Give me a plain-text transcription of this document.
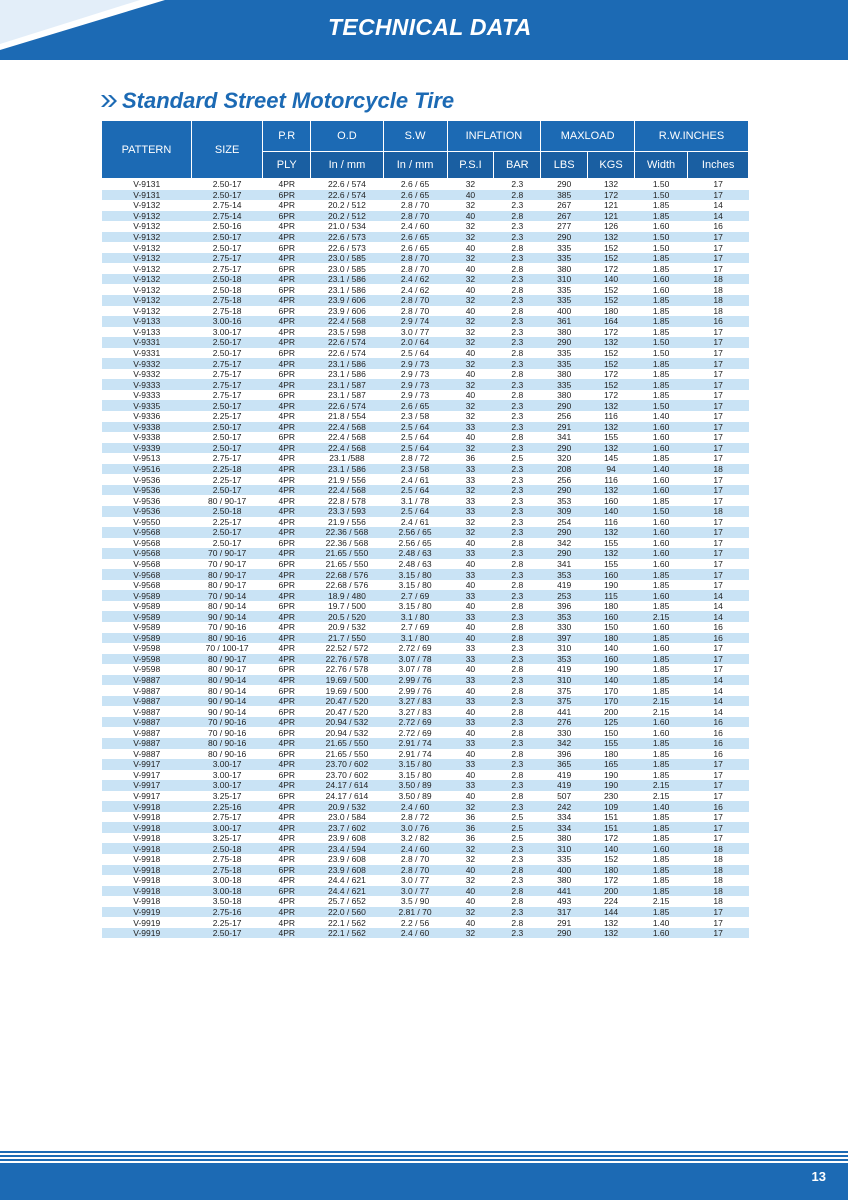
TECHNICAL DATA
Standard Street Motorcycle Tire
PATTERN	SIZE	P.R	O.D	S.W	INFLATION		MAXLOAD		R.W.INCHES	
		PLY	In / mm	In / mm	P.S.I	BAR	LBS	KGS	Width	Inches
V-9131	2.50-17	4PR	22.6 / 574	2.6 / 65	32	2.3	290	132	1.50	17
V-9131	2.50-17	6PR	22.6 / 574	2.6 / 65	40	2.8	385	172	1.50	17
V-9132	2.75-14	4PR	20.2 / 512	2.8 / 70	32	2.3	267	121	1.85	14
V-9132	2.75-14	6PR	20.2 / 512	2.8 / 70	40	2.8	267	121	1.85	14
V-9132	2.50-16	4PR	21.0 / 534	2.4 / 60	32	2.3	277	126	1.60	16
V-9132	2.50-17	4PR	22.6 / 573	2.6 / 65	32	2.3	290	132	1.50	17
V-9132	2.50-17	6PR	22.6 / 573	2.6 / 65	40	2.8	335	152	1.50	17
V-9132	2.75-17	4PR	23.0 / 585	2.8 / 70	32	2.3	335	152	1.85	17
V-9132	2.75-17	6PR	23.0 / 585	2.8 / 70	40	2.8	380	172	1.85	17
V-9132	2.50-18	4PR	23.1 / 586	2.4 / 62	32	2.3	310	140	1.60	18
V-9132	2.50-18	6PR	23.1 / 586	2.4 / 62	40	2.8	335	152	1.60	18
V-9132	2.75-18	4PR	23.9 / 606	2.8 / 70	32	2.3	335	152	1.85	18
V-9132	2.75-18	6PR	23.9 / 606	2.8 / 70	40	2.8	400	180	1.85	18
V-9133	3.00-16	4PR	22.4 / 568	2.9 / 74	32	2.3	361	164	1.85	16
V-9133	3.00-17	4PR	23.5 / 598	3.0 / 77	32	2.3	380	172	1.85	17
V-9331	2.50-17	4PR	22.6 / 574	2.0 / 64	32	2.3	290	132	1.50	17
V-9331	2.50-17	6PR	22.6 / 574	2.5 / 64	40	2.8	335	152	1.50	17
V-9332	2.75-17	4PR	23.1 / 586	2.9 / 73	32	2.3	335	152	1.85	17
V-9332	2.75-17	6PR	23.1 / 586	2.9 / 73	40	2.8	380	172	1.85	17
V-9333	2.75-17	4PR	23.1 / 587	2.9 / 73	32	2.3	335	152	1.85	17
V-9333	2.75-17	6PR	23.1 / 587	2.9 / 73	40	2.8	380	172	1.85	17
V-9335	2.50-17	4PR	22.6 / 574	2.6 / 65	32	2.3	290	132	1.50	17
V-9336	2.25-17	4PR	21.8 / 554	2.3 / 58	32	2.3	256	116	1.40	17
V-9338	2.50-17	4PR	22.4 / 568	2.5 / 64	33	2.3	291	132	1.60	17
V-9338	2.50-17	6PR	22.4 / 568	2.5 / 64	40	2.8	341	155	1.60	17
V-9339	2.50-17	4PR	22.4 / 568	2.5 / 64	32	2.3	290	132	1.60	17
V-9513	2.75-17	4PR	23.1 /588	2.8 / 72	36	2.5	320	145	1.85	17
V-9516	2.25-18	4PR	23.1 / 586	2.3 / 58	33	2.3	208	94	1.40	18
V-9536	2.25-17	4PR	21.9 / 556	2.4 / 61	33	2.3	256	116	1.60	17
V-9536	2.50-17	4PR	22.4 / 568	2.5 / 64	32	2.3	290	132	1.60	17
V-9536	80 / 90-17	4PR	22.8 / 578	3.1 / 78	33	2.3	353	160	1.85	17
V-9536	2.50-18	4PR	23.3 / 593	2.5 / 64	33	2.3	309	140	1.50	18
V-9550	2.25-17	4PR	21.9 / 556	2.4 / 61	32	2.3	254	116	1.60	17
V-9568	2.50-17	4PR	22.36 / 568	2.56 / 65	32	2.3	290	132	1.60	17
V-9568	2.50-17	6PR	22.36 / 568	2.56 / 65	40	2.8	342	155	1.60	17
V-9568	70 / 90-17	4PR	21.65 / 550	2.48 / 63	33	2.3	290	132	1.60	17
V-9568	70 / 90-17	6PR	21.65 / 550	2.48 / 63	40	2.8	341	155	1.60	17
V-9568	80 / 90-17	4PR	22.68 / 576	3.15 / 80	33	2.3	353	160	1.85	17
V-9568	80 / 90-17	6PR	22.68 / 576	3.15 / 80	40	2.8	419	190	1.85	17
V-9589	70 / 90-14	4PR	18.9 / 480	2.7 / 69	33	2.3	253	115	1.60	14
V-9589	80 / 90-14	6PR	19.7 / 500	3.15 / 80	40	2.8	396	180	1.85	14
V-9589	90 / 90-14	4PR	20.5 / 520	3.1 / 80	33	2.3	353	160	2.15	14
V-9589	70 / 90-16	4PR	20.9 / 532	2.7 / 69	40	2.8	330	150	1.60	16
V-9589	80 / 90-16	4PR	21.7 / 550	3.1 / 80	40	2.8	397	180	1.85	16
V-9598	70 / 100-17	4PR	22.52 / 572	2.72 / 69	33	2.3	310	140	1.60	17
V-9598	80 / 90-17	4PR	22.76 / 578	3.07 / 78	33	2.3	353	160	1.85	17
V-9598	80 / 90-17	6PR	22.76 / 578	3.07 / 78	40	2.8	419	190	1.85	17
V-9887	80 / 90-14	4PR	19.69 / 500	2.99 / 76	33	2.3	310	140	1.85	14
V-9887	80 / 90-14	6PR	19.69 / 500	2.99 / 76	40	2.8	375	170	1.85	14
V-9887	90 / 90-14	4PR	20.47 / 520	3.27 / 83	33	2.3	375	170	2.15	14
V-9887	90 / 90-14	6PR	20.47 / 520	3.27 / 83	40	2.8	441	200	2.15	14
V-9887	70 / 90-16	4PR	20.94 / 532	2.72 / 69	33	2.3	276	125	1.60	16
V-9887	70 / 90-16	6PR	20.94 / 532	2.72 / 69	40	2.8	330	150	1.60	16
V-9887	80 / 90-16	4PR	21.65 / 550	2.91 / 74	33	2.3	342	155	1.85	16
V-9887	80 / 90-16	6PR	21.65 / 550	2.91 / 74	40	2.8	396	180	1.85	16
V-9917	3.00-17	4PR	23.70 / 602	3.15 / 80	33	2.3	365	165	1.85	17
V-9917	3.00-17	6PR	23.70 / 602	3.15 / 80	40	2.8	419	190	1.85	17
V-9917	3.00-17	4PR	24.17 / 614	3.50 / 89	33	2.3	419	190	2.15	17
V-9917	3.25-17	6PR	24.17 / 614	3.50 / 89	40	2.8	507	230	2.15	17
V-9918	2.25-16	4PR	20.9 / 532	2.4 / 60	32	2.3	242	109	1.40	16
V-9918	2.75-17	4PR	23.0 / 584	2.8 / 72	36	2.5	334	151	1.85	17
V-9918	3.00-17	4PR	23.7 / 602	3.0 / 76	36	2.5	334	151	1.85	17
V-9918	3.25-17	4PR	23.9 / 608	3.2 / 82	36	2.5	380	172	1.85	17
V-9918	2.50-18	4PR	23.4 / 594	2.4 / 60	32	2.3	310	140	1.60	18
V-9918	2.75-18	4PR	23.9 / 608	2.8 / 70	32	2.3	335	152	1.85	18
V-9918	2.75-18	6PR	23.9 / 608	2.8 / 70	40	2.8	400	180	1.85	18
V-9918	3.00-18	4PR	24.4 / 621	3.0 / 77	32	2.3	380	172	1.85	18
V-9918	3.00-18	6PR	24.4 / 621	3.0 / 77	40	2.8	441	200	1.85	18
V-9918	3.50-18	4PR	25.7 / 652	3.5 / 90	40	2.8	493	224	2.15	18
V-9919	2.75-16	4PR	22.0 / 560	2.81 / 70	32	2.3	317	144	1.85	17
V-9919	2.25-17	4PR	22.1 / 562	2.2 / 56	40	2.8	291	132	1.40	17
V-9919	2.50-17	4PR	22.1 / 562	2.4 / 60	32	2.3	290	132	1.60	17
13
